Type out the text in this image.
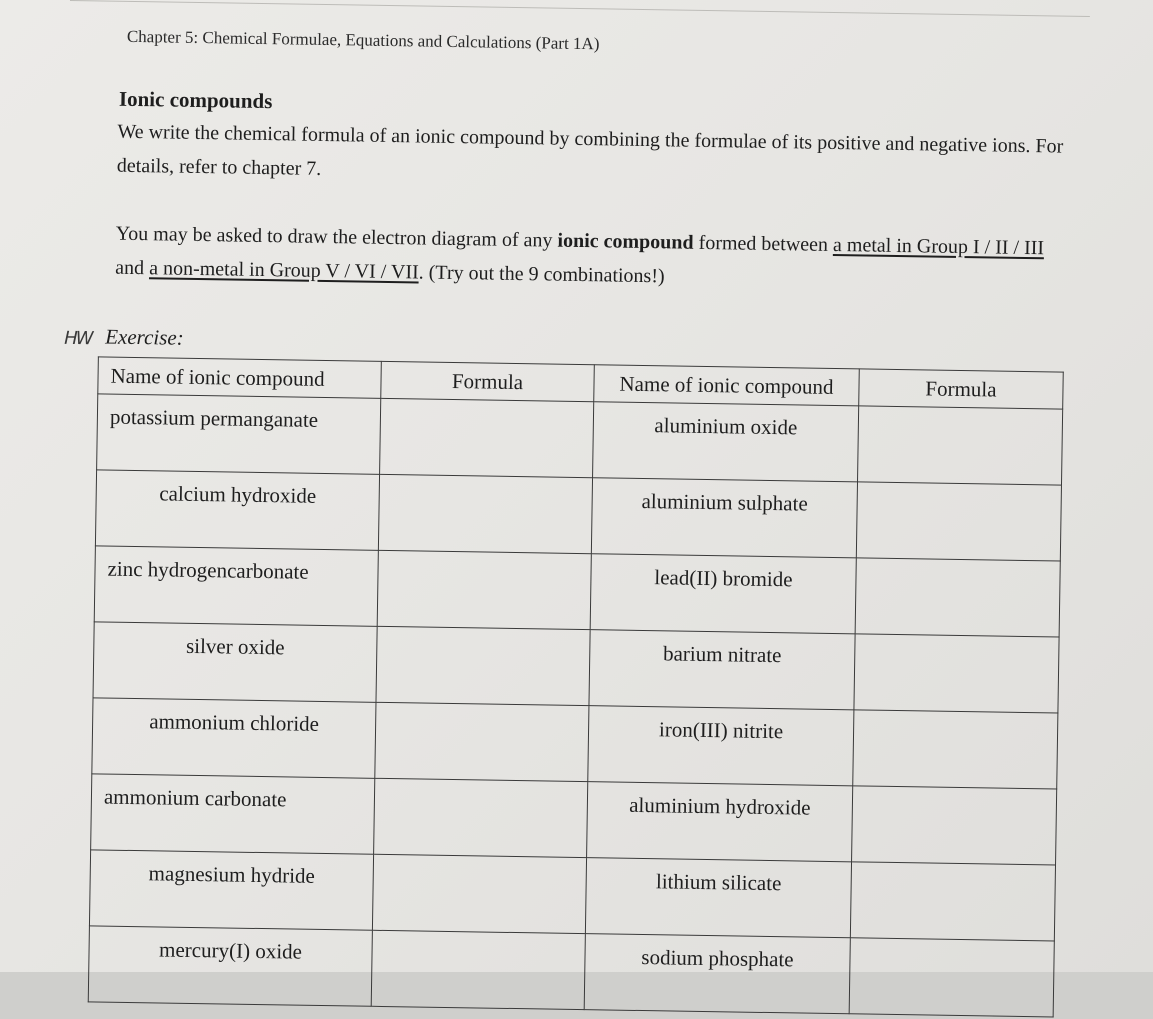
Chapter 5: Chemical Formulae, Equations and Calculations (Part 1A)
Ionic compounds

We write the chemical formula of an ionic compound by combining the formulae of its positive and negative ions. For details, refer to chapter 7.

You may be asked to draw the electron diagram of any ionic compound formed between a metal in Group I / II / III and a non-metal in Group V / VI / VII. (Try out the 9 combinations!)

HW Exercise:
Name of ionic compound	Formula	Name of ionic compound	Formula
potassium permanganate		aluminium oxide	
calcium hydroxide		aluminium sulphate	
zinc hydrogencarbonate		lead(II) bromide	
silver oxide		barium nitrate	
ammonium chloride		iron(III) nitrite	
ammonium carbonate		aluminium hydroxide	
magnesium hydride		lithium silicate	
mercury(I) oxide		sodium phosphate	
